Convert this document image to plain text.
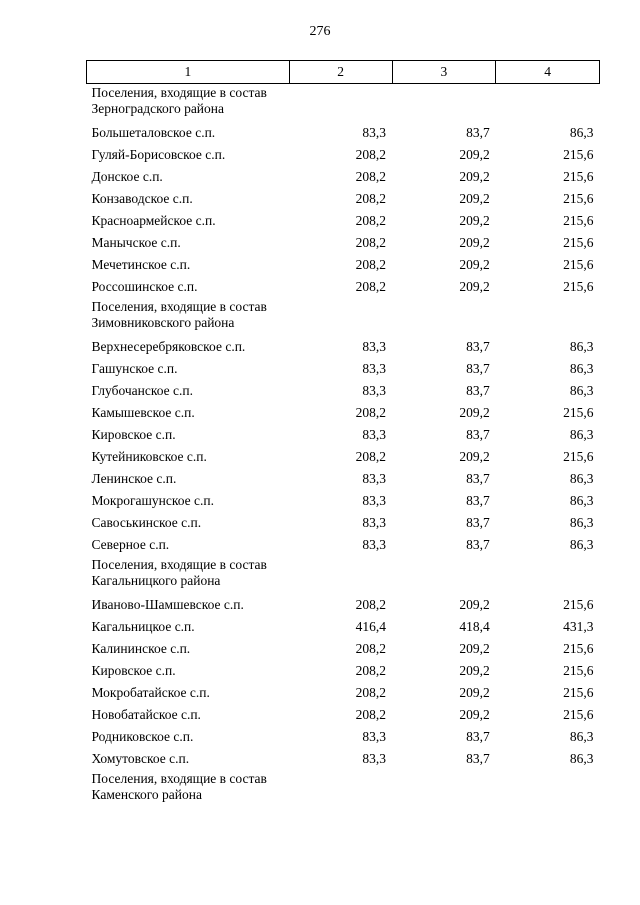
276
1	2	3	4
Поселения, входящие в состав Зерноградского района			
Большеталовское с.п.	83,3	83,7	86,3
Гуляй-Борисовское с.п.	208,2	209,2	215,6
Донское с.п.	208,2	209,2	215,6
Конзаводское с.п.	208,2	209,2	215,6
Красноармейское с.п.	208,2	209,2	215,6
Манычское с.п.	208,2	209,2	215,6
Мечетинское с.п.	208,2	209,2	215,6
Россошинское с.п.	208,2	209,2	215,6
Поселения, входящие в состав Зимовниковского района			
Верхнесеребряковское с.п.	83,3	83,7	86,3
Гашунское с.п.	83,3	83,7	86,3
Глубочанское с.п.	83,3	83,7	86,3
Камышевское с.п.	208,2	209,2	215,6
Кировское с.п.	83,3	83,7	86,3
Кутейниковское с.п.	208,2	209,2	215,6
Ленинское с.п.	83,3	83,7	86,3
Мокрогашунское с.п.	83,3	83,7	86,3
Савоськинское с.п.	83,3	83,7	86,3
Северное с.п.	83,3	83,7	86,3
Поселения, входящие в состав Кагальницкого района			
Иваново-Шамшевское с.п.	208,2	209,2	215,6
Кагальницкое с.п.	416,4	418,4	431,3
Калининское с.п.	208,2	209,2	215,6
Кировское с.п.	208,2	209,2	215,6
Мокробатайское с.п.	208,2	209,2	215,6
Новобатайское с.п.	208,2	209,2	215,6
Родниковское с.п.	83,3	83,7	86,3
Хомутовское с.п.	83,3	83,7	86,3
Поселения, входящие в состав Каменского района			
